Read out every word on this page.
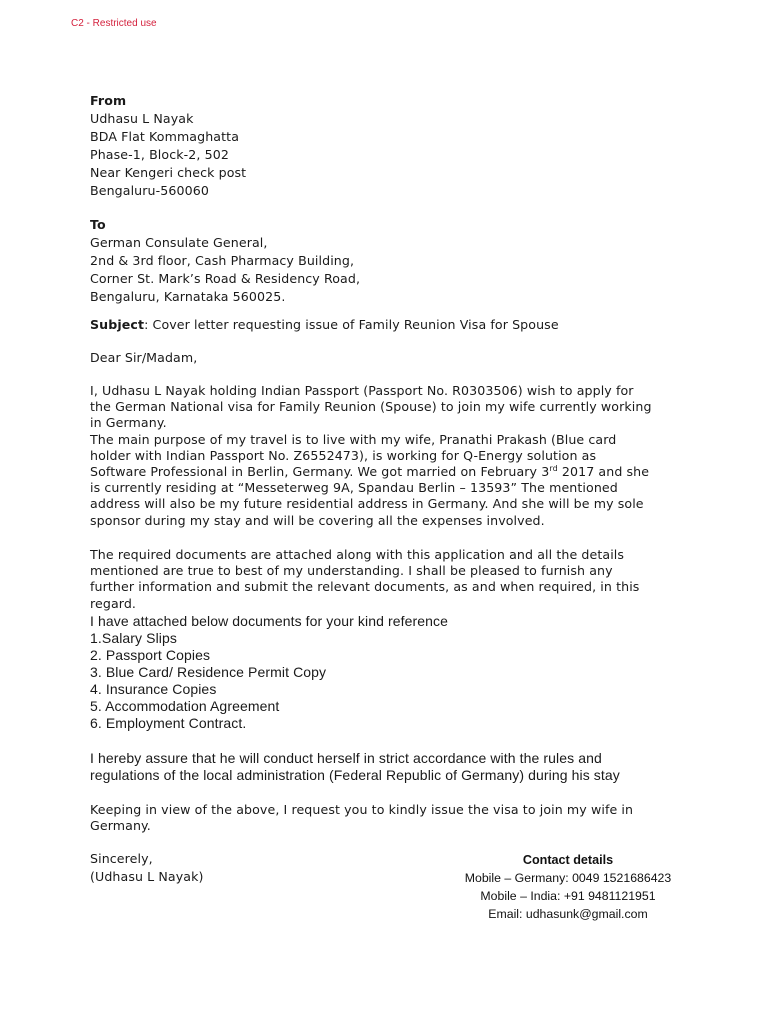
C2 - Restricted use
From
Udhasu L Nayak
BDA Flat Kommaghatta
Phase-1, Block-2, 502
Near Kengeri check post
Bengaluru-560060
To
German Consulate General,
2nd & 3rd floor, Cash Pharmacy Building,
Corner St. Mark’s Road & Residency Road,
Bengaluru, Karnataka 560025.
Subject: Cover letter requesting issue of Family Reunion Visa for Spouse
Dear Sir/Madam,
I, Udhasu L Nayak holding Indian Passport (Passport No. R0303506) wish to apply for
the German National visa for Family Reunion (Spouse) to join my wife currently working
in Germany.
The main purpose of my travel is to live with my wife, Pranathi Prakash (Blue card
holder with Indian Passport No. Z6552473), is working for Q-Energy solution as
Software Professional in Berlin, Germany. We got married on February 3rd 2017 and she
is currently residing at “Messeterweg 9A, Spandau Berlin – 13593” The mentioned
address will also be my future residential address in Germany. And she will be my sole
sponsor during my stay and will be covering all the expenses involved.
The required documents are attached along with this application and all the details
mentioned are true to best of my understanding. I shall be pleased to furnish any
further information and submit the relevant documents, as and when required, in this
regard.
I have attached below documents for your kind reference
1.Salary Slips
2. Passport Copies
3. Blue Card/ Residence Permit Copy
4. Insurance Copies
5. Accommodation Agreement
6. Employment Contract.
I hereby assure that he will conduct herself in strict accordance with the rules and
regulations of the local administration (Federal Republic of Germany) during his stay
Keeping in view of the above, I request you to kindly issue the visa to join my wife in
Germany.
Sincerely,
(Udhasu L Nayak)
Contact details
Mobile – Germany: 0049 1521686423
Mobile – India: +91 9481121951
Email: udhasunk@gmail.com
